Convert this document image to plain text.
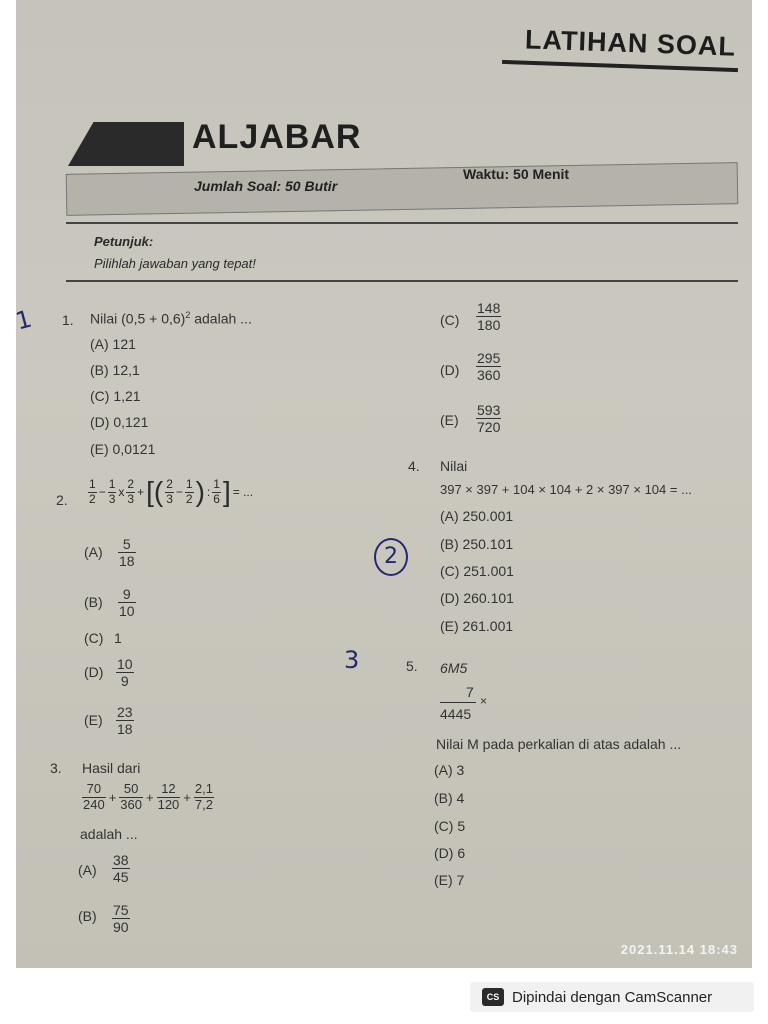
LATIHAN SOAL
ALJABAR
Jumlah Soal: 50 Butir
Waktu: 50 Menit
Petunjuk:
Pilihlah jawaban yang tepat!
1. Nilai $(0,5 + 0,6)^2$ adalah ...
(A) 121
(B) 12,1
(C) 1,21
(D) 0,121
(E) 0,0121
1
2
3
2. $\frac{1}{2} - \frac{1}{3}$ x $\frac{2}{3}$ + [( $\frac{2}{3} - \frac{1}{2}$ ) : $\frac{1}{6}$ ] = ...
$(A) \frac{5}{18}$
$(B) \frac{9}{10}$
(C) 1
$(D) \frac{10}{9}$
$(E) \frac{23}{18}$
3. Hasil dari
$\frac{70}{240} + \frac{50}{360} + \frac{12}{120} + \frac{2,1}{7,2}$
adalah ...
$(A) \frac{38}{45}$
$(B) \frac{75}{90}$
$(C) \frac{148}{180}$
$(D) \frac{295}{360}$
$(E) \frac{593}{720}$
4. Nilai
397 × 397 + 104 × 104 + 2 × 397 × 104 = ...
(A) 250.001
(B) 250.101
(C) 251.001
(D) 260.101
(E) 261.001
5. 6M5
7
×
4445
Nilai M pada perkalian di atas adalah ...
(A) 3
(B) 4
(C) 5
(D) 6
(E) 7
2021.11.14 18:43
CS Dipindai dengan CamScanner
